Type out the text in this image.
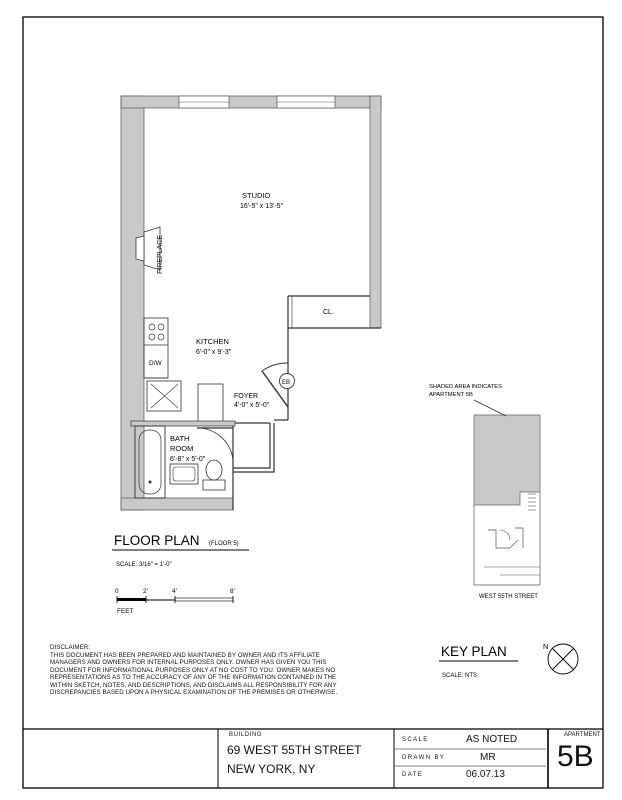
STUDIO
16'-5" x 13'-5"
CL.
FIREPLACE
KITCHEN
6'-0" x 9'-3"
D/W
FOYER
4'-0" x 5'-0"
EB
BATH
ROOM
6'-8" x 5'-0"
FLOOR PLAN (FLOOR 5)
SCALE: 3/16" = 1'-0"
0	2'	4'	8'
FEET
SHADED AREA INDICATES
APARTMENT 5B
WEST 55TH STREET
KEY PLAN
SCALE: NTS
N
DISCLAIMER:
THIS DOCUMENT HAS BEEN PREPARED AND MAINTAINED BY OWNER AND ITS AFFILIATE MANAGERS AND OWNERS FOR INTERNAL PURPOSES ONLY. OWNER HAS GIVEN YOU THIS DOCUMENT FOR INFORMATIONAL PURPOSES ONLY AT NO COST TO YOU. OWNER MAKES NO REPRESENTATIONS AS TO THE ACCURACY OF ANY OF THE INFORMATION CONTAINED IN THE WITHIN SKETCH, NOTES, AND DESCRIPTIONS, AND DISCLAIMS ALL RESPONSIBILITY FOR ANY DISCREPANCIES BASED UPON A PHYSICAL EXAMINATION OF THE PREMISES OR OTHERWISE.
BUILDING
69 WEST 55TH STREET
NEW YORK, NY
SCALE	AS NOTED
DRAWN BY	MR
DATE	06.07.13
APARTMENT
5B
